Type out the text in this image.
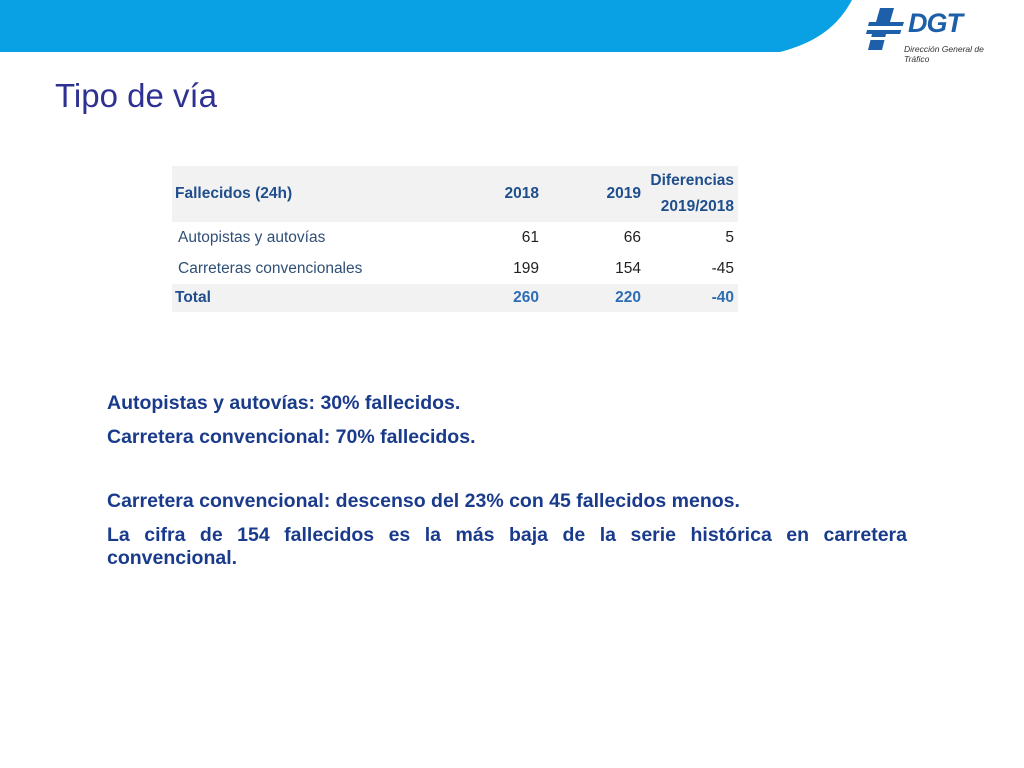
DGT
Dirección General de Tráfico
Tipo de vía
Fallecidos (24h)	2018	2019	Diferencias
2019/2018

Autopistas y autovías	61	66	5
Carreteras convencionales	199	154	-45
Total	260	220	-40

Autopistas y autovías: 30% fallecidos.

Carretera convencional: 70% fallecidos.

Carretera convencional: descenso del 23% con 45 fallecidos menos.

La cifra de 154 fallecidos es la más baja de la serie histórica en carretera convencional.
